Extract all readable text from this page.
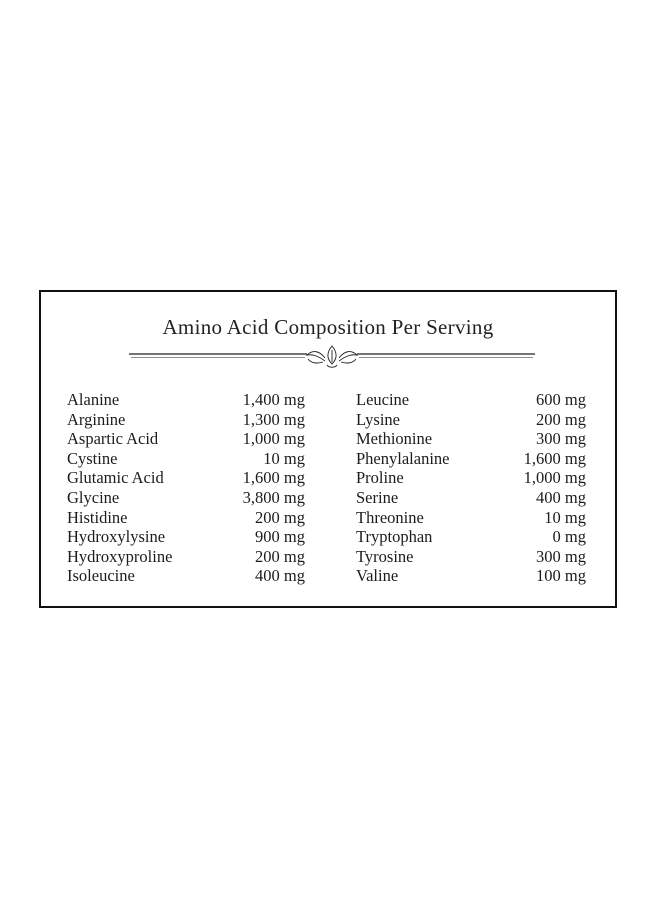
Amino Acid Composition Per Serving
Alanine	1,400 mg
Arginine	1,300 mg
Aspartic Acid	1,000 mg
Cystine	10 mg
Glutamic Acid	1,600 mg
Glycine	3,800 mg
Histidine	200 mg
Hydroxylysine	900 mg
Hydroxyproline	200 mg
Isoleucine	400 mg
Leucine	600 mg
Lysine	200 mg
Methionine	300 mg
Phenylalanine	1,600 mg
Proline	1,000 mg
Serine	400 mg
Threonine	10 mg
Tryptophan	0 mg
Tyrosine	300 mg
Valine	100 mg
